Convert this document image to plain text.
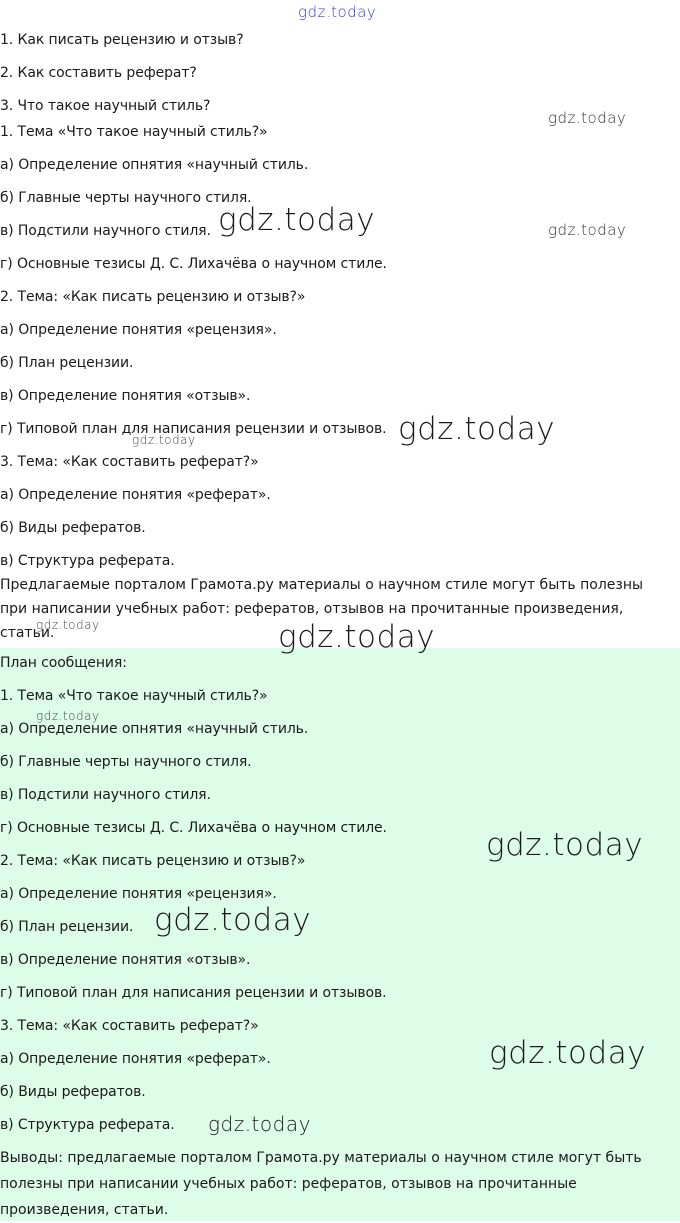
1. Как писать рецензию и отзыв?

2. Как составить реферат?

3. Что такое научный стиль?

1. Тема «Что такое научный стиль?»

а) Определение опнятия «научный стиль.

б) Главные черты научного стиля.

в) Подстили научного стиля.

г) Основные тезисы Д. С. Лихачёва о научном стиле.

2. Тема: «Как писать рецензию и отзыв?»

а) Определение понятия «рецензия».

б) План рецензии.

в) Определение понятия «отзыв».

г) Типовой план для написания рецензии и отзывов.

3. Тема: «Как составить реферат?»

а) Определение понятия «реферат».

б) Виды рефератов.

в) Структура реферата.

Предлагаемые порталом Грамота.ру материалы о научном стиле могут быть полезны при написании учебных работ: рефератов, отзывов на прочитанные произведения, статьи.

План сообщения:

1. Тема «Что такое научный стиль?»

а) Определение опнятия «научный стиль.

б) Главные черты научного стиля.

в) Подстили научного стиля.

г) Основные тезисы Д. С. Лихачёва о научном стиле.

2. Тема: «Как писать рецензию и отзыв?»

а) Определение понятия «рецензия».

б) План рецензии.

в) Определение понятия «отзыв».

г) Типовой план для написания рецензии и отзывов.

3. Тема: «Как составить реферат?»

а) Определение понятия «реферат».

б) Виды рефератов.

в) Структура реферата.

Выводы: предлагаемые порталом Грамота.ру материалы о научном стиле могут быть полезны при написании учебных работ: рефератов, отзывов на прочитанные произведения, статьи.

gdz.today
gdz.today
gdz.today
gdz.today
gdz.today
gdz.today
gdz.today	gdz.today
gdz.today
gdz.today
gdz.today
gdz.today
gdz.today
